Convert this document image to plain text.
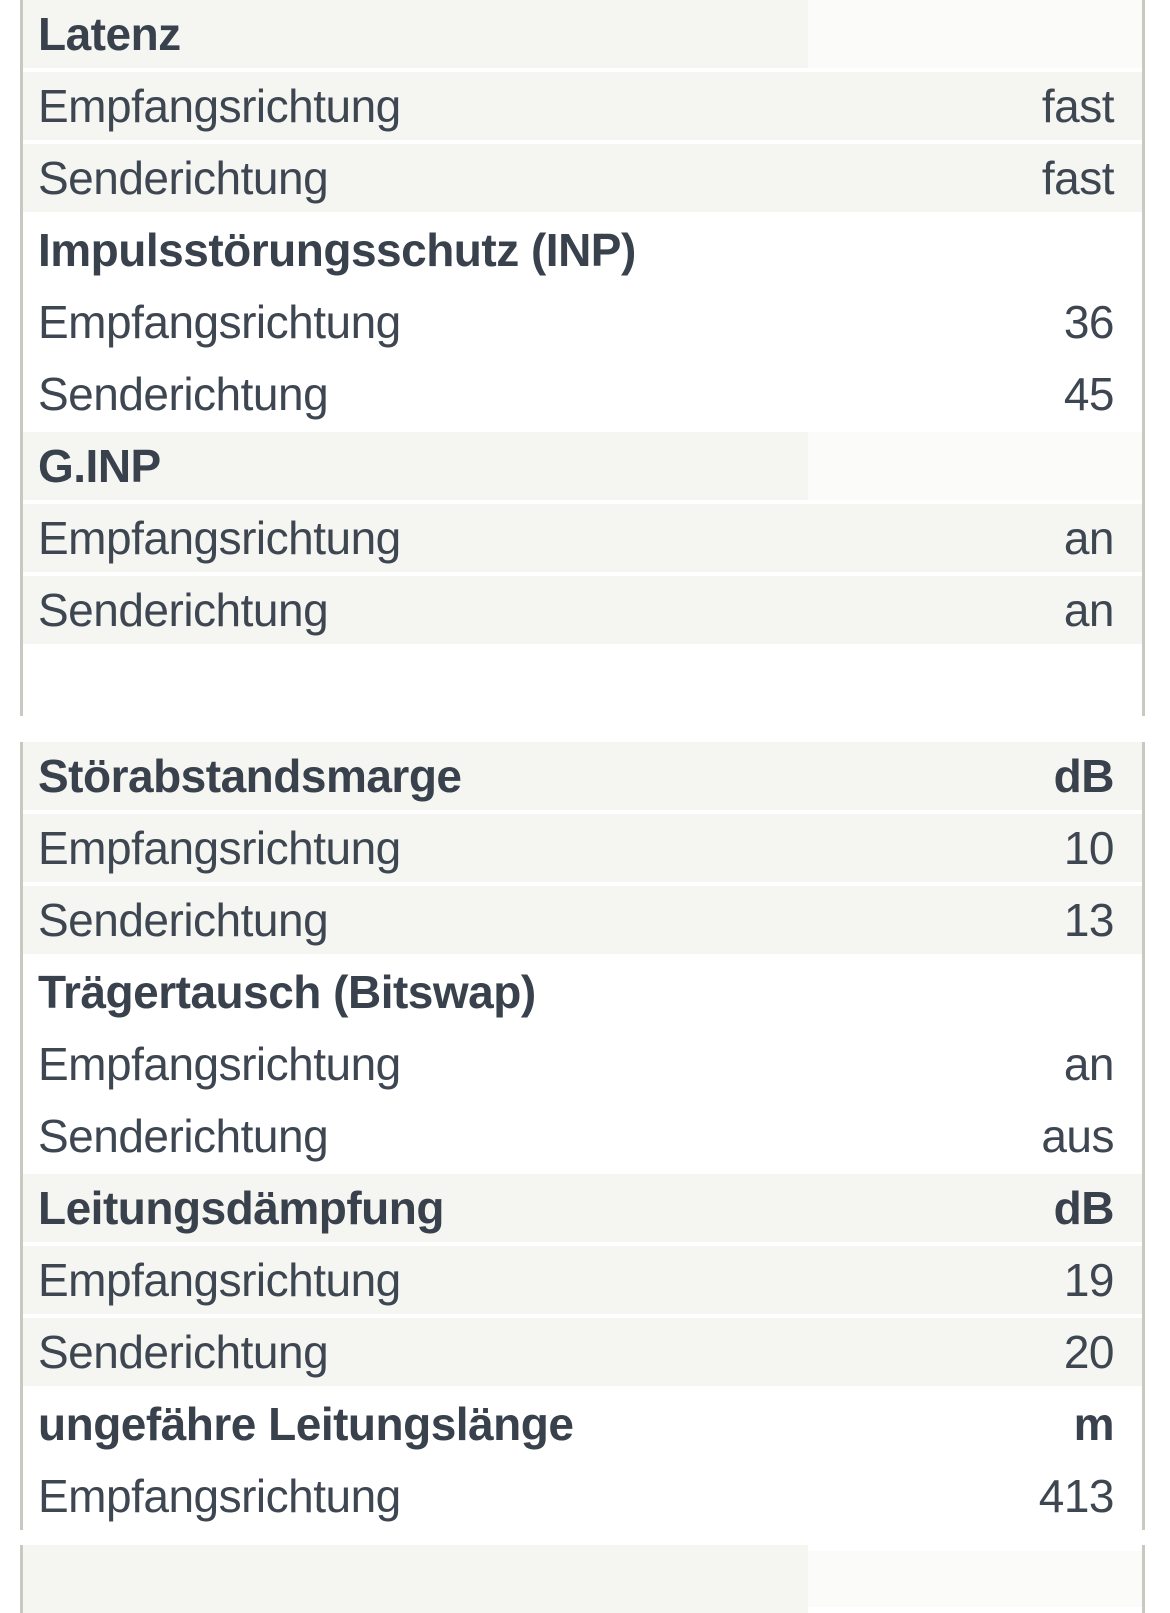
Latenz
Empfangsrichtung	fast
Senderichtung	fast
Impulsstörungsschutz (INP)
Empfangsrichtung	36
Senderichtung	45
G.INP
Empfangsrichtung	an
Senderichtung	an
Störabstandsmarge	dB
Empfangsrichtung	10
Senderichtung	13
Trägertausch (Bitswap)
Empfangsrichtung	an
Senderichtung	aus
Leitungsdämpfung	dB
Empfangsrichtung	19
Senderichtung	20
ungefähre Leitungslänge	m
Empfangsrichtung	413
